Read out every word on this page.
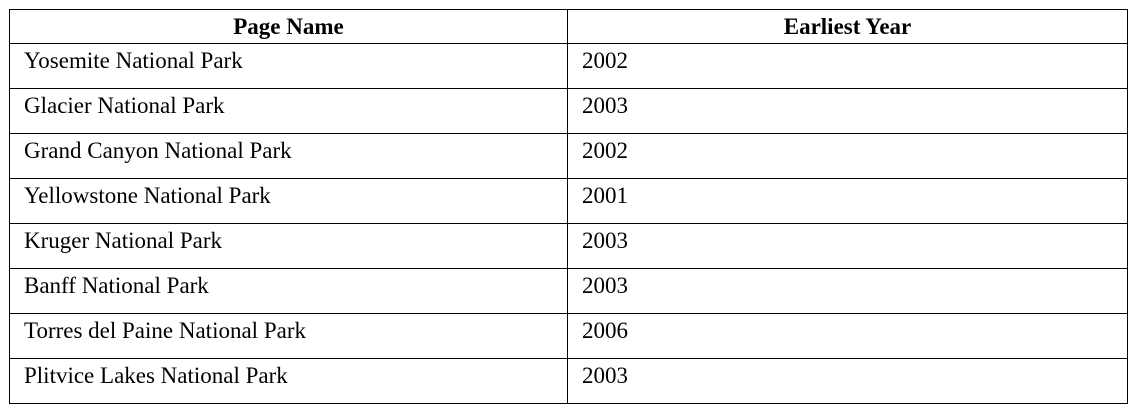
Page Name	Earliest Year
Yosemite National Park	2002
Glacier National Park	2003
Grand Canyon National Park	2002
Yellowstone National Park	2001
Kruger National Park	2003
Banff National Park	2003
Torres del Paine National Park	2006
Plitvice Lakes National Park	2003
